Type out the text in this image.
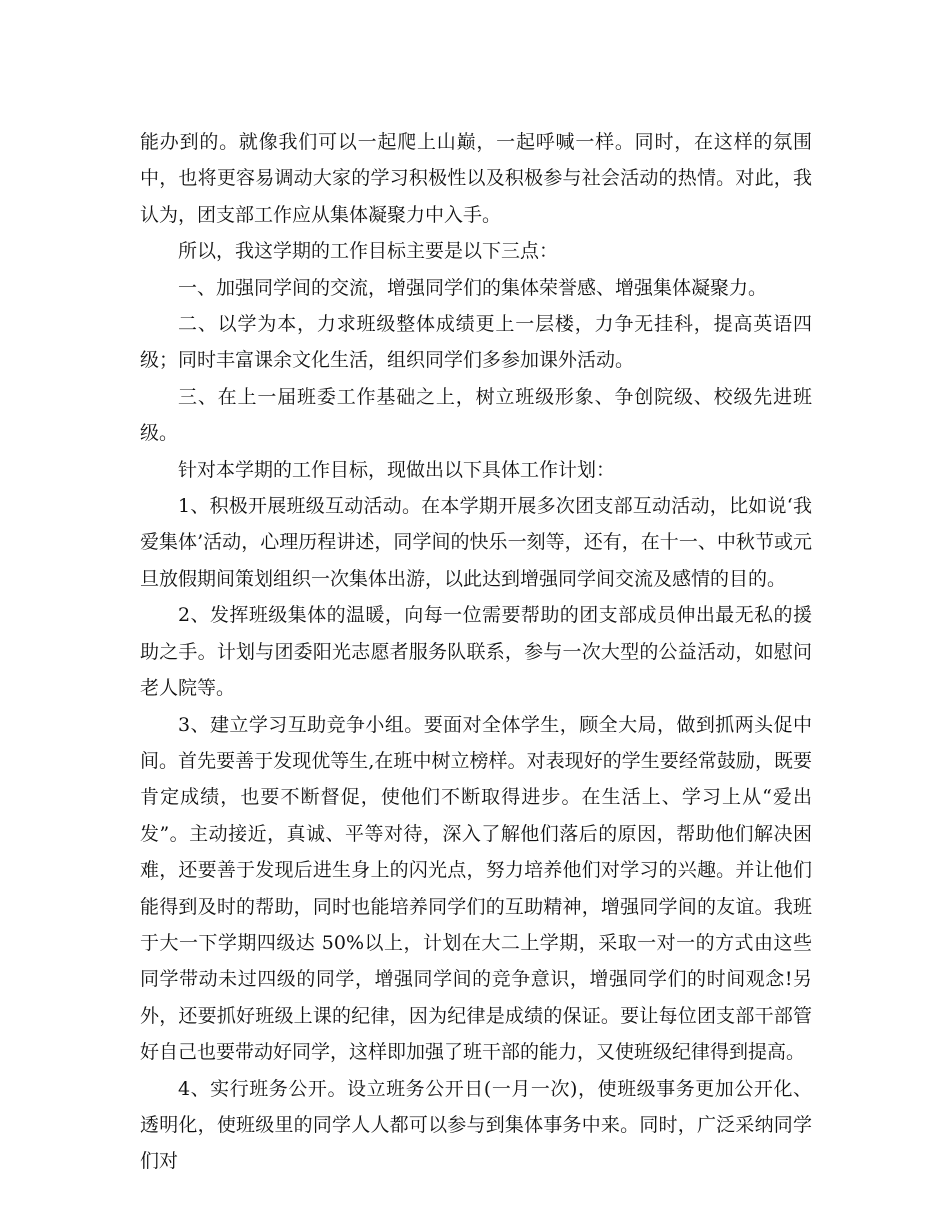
能办到的。就像我们可以一起爬上山巅，一起呼喊一样。同时，在这样的氛围中，也将更容易调动大家的学习积极性以及积极参与社会活动的热情。对此，我认为，团支部工作应从集体凝聚力中入手。

所以，我这学期的工作目标主要是以下三点：

一、加强同学间的交流，增强同学们的集体荣誉感、增强集体凝聚力。

二、以学为本，力求班级整体成绩更上一层楼，力争无挂科，提高英语四级；同时丰富课余文化生活，组织同学们多参加课外活动。

三、在上一届班委工作基础之上，树立班级形象、争创院级、校级先进班级。

针对本学期的工作目标，现做出以下具体工作计划：

1、积极开展班级互动活动。在本学期开展多次团支部互动活动，比如说‘我爱集体’活动，心理历程讲述，同学间的快乐一刻等，还有，在十一、中秋节或元旦放假期间策划组织一次集体出游，以此达到增强同学间交流及感情的目的。

2、发挥班级集体的温暖，向每一位需要帮助的团支部成员伸出最无私的援助之手。计划与团委阳光志愿者服务队联系，参与一次大型的公益活动，如慰问老人院等。

3、建立学习互助竞争小组。要面对全体学生，顾全大局，做到抓两头促中间。首先要善于发现优等生,在班中树立榜样。对表现好的学生要经常鼓励，既要肯定成绩，也要不断督促，使他们不断取得进步。在生活上、学习上从“爱出发”。主动接近，真诚、平等对待，深入了解他们落后的原因，帮助他们解决困难，还要善于发现后进生身上的闪光点，努力培养他们对学习的兴趣。并让他们能得到及时的帮助，同时也能培养同学们的互助精神，增强同学间的友谊。我班于大一下学期四级达 50%以上，计划在大二上学期，采取一对一的方式由这些同学带动未过四级的同学，增强同学间的竞争意识，增强同学们的时间观念!另外，还要抓好班级上课的纪律，因为纪律是成绩的保证。要让每位团支部干部管好自己也要带动好同学，这样即加强了班干部的能力，又使班级纪律得到提高。

4、实行班务公开。设立班务公开日(一月一次)，使班级事务更加公开化、透明化，使班级里的同学人人都可以参与到集体事务中来。同时，广泛采纳同学们对
